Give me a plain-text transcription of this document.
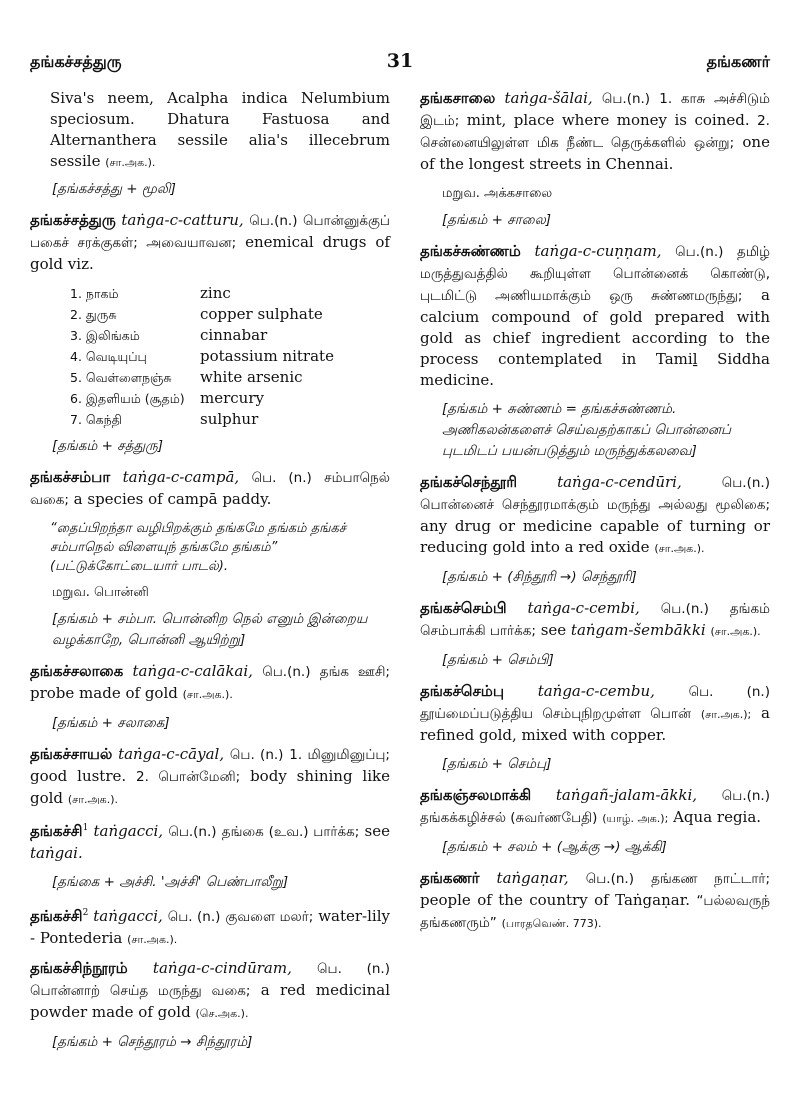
தங்கச்சத்துரு	31	தங்கணர்
Siva's neem, Acalpha indica Nelumbium speciosum. Dhatura Fastuosa and Alternanthera sessile alia's illecebrum sessile (சா.அக.).
[தங்கச்சத்து + மூலி]
தங்கச்சத்துரு taṅga-c-catturu, பெ.(n.) பொன்னுக்குப் பகைச் சரக்குகள்; அவையாவன; enemical drugs of gold viz.
1. நாகம்	zinc
2. துருசு	copper sulphate
3. இலிங்கம்	cinnabar
4. வெடியுப்பு	potassium nitrate
5. வெள்ளைநஞ்சு	white arsenic
6. இதளியம் (சூதம்)	mercury
7. கெந்தி	sulphur
[தங்கம் + சத்துரு]
தங்கச்சம்பா taṅga-c-campā, பெ. (n.) சம்பாநெல் வகை; a species of campā paddy.
“தைப்பிறந்தா வழிபிறக்கும் தங்கமே தங்கம் தங்கச் சம்பாநெல் விளையுந் தங்கமே தங்கம்” (பட்டுக்கோட்டையார் பாடல்).
மறுவ. பொன்னி
[தங்கம் + சம்பா. பொன்னிற நெல் எனும் இன்றைய வழக்காறே, பொன்னி ஆயிற்று]
தங்கச்சலாகை taṅga-c-calākai, பெ.(n.) தங்க ஊசி; probe made of gold (சா.அக.).
[தங்கம் + சலாகை]
தங்கச்சாயல் taṅga-c-cāyal, பெ. (n.) 1. மினுமினுப்பு; good lustre. 2. பொன்மேனி; body shining like gold (சா.அக.).
தங்கச்சி$^1$ taṅgacci, பெ.(n.) தங்கை (உவ.) பார்க்க; see taṅgai.
[தங்கை + அச்சி. 'அச்சி' பெண்பாலீறு]
தங்கச்சி$^2$ taṅgacci, பெ. (n.) குவளை மலர்; water-lily - Pontederia (சா.அக.).
தங்கச்சிந்நூரம் taṅga-c-cindūram, பெ. (n.) பொன்னாற் செய்த மருந்து வகை; a red medicinal powder made of gold (செ.அக.).
[தங்கம் + செந்தூரம் → சிந்தூரம்]
தங்கசாலை taṅga-šālai, பெ.(n.) 1. காசு அச்சிடும் இடம்; mint, place where money is coined. 2. சென்னையிலுள்ள மிக நீண்ட தெருக்களில் ஒன்று; one of the longest streets in Chennai.
மறுவ. அக்கசாலை
[தங்கம் + சாலை]
தங்கச்சுண்ணம் taṅga-c-cuṇṇam, பெ.(n.) தமிழ் மருத்துவத்தில் கூறியுள்ள பொன்னைக் கொண்டு, புடமிட்டு அணியமாக்கும் ஒரு சுண்ணமருந்து; a calcium compound of gold prepared with gold as chief ingredient according to the process contemplated in Tamiḻ Siddha medicine.
[தங்கம் + சுண்ணம் = தங்கச்சுண்ணம். அணிகலன்களைச் செய்வதற்காகப் பொன்னைப் புடமிடப் பயன்படுத்தும் மருந்துக்கலவை]
தங்கச்செந்தூரி	taṅga-c-cendūri,	பெ.(n.) பொன்னைச் செந்தூரமாக்கும் மருந்து அல்லது மூலிகை; any drug or medicine capable of turning or reducing gold into a red oxide (சா.அக.).
[தங்கம் + (சிந்தூரி →) செந்தூரி]
தங்கச்செம்பி taṅga-c-cembi, பெ.(n.) தங்கம் செம்பாக்கி பார்க்க; see taṅgam-šembākki (சா.அக.).
[தங்கம் + செம்பி]
தங்கச்செம்பு taṅga-c-cembu, பெ. (n.) தூய்மைப்படுத்திய செம்புநிறமுள்ள பொன் (சா.அக.); a refined gold, mixed with copper.
[தங்கம் + செம்பு]
தங்கஞ்சலமாக்கி taṅgañ-jalam-ākki, பெ.(n.) தங்கக்கழிச்சல் (சுவர்ணபேதி) (யாழ். அக.); Aqua regia.
[தங்கம் + சலம் + (ஆக்கு →) ஆக்கி]
தங்கணர் taṅgaṇar, பெ.(n.) தங்கண நாட்டார்; people of the country of Taṅgaṇar. “பல்லவருந் தங்கணரும்” (பாரதவெண். 773).
